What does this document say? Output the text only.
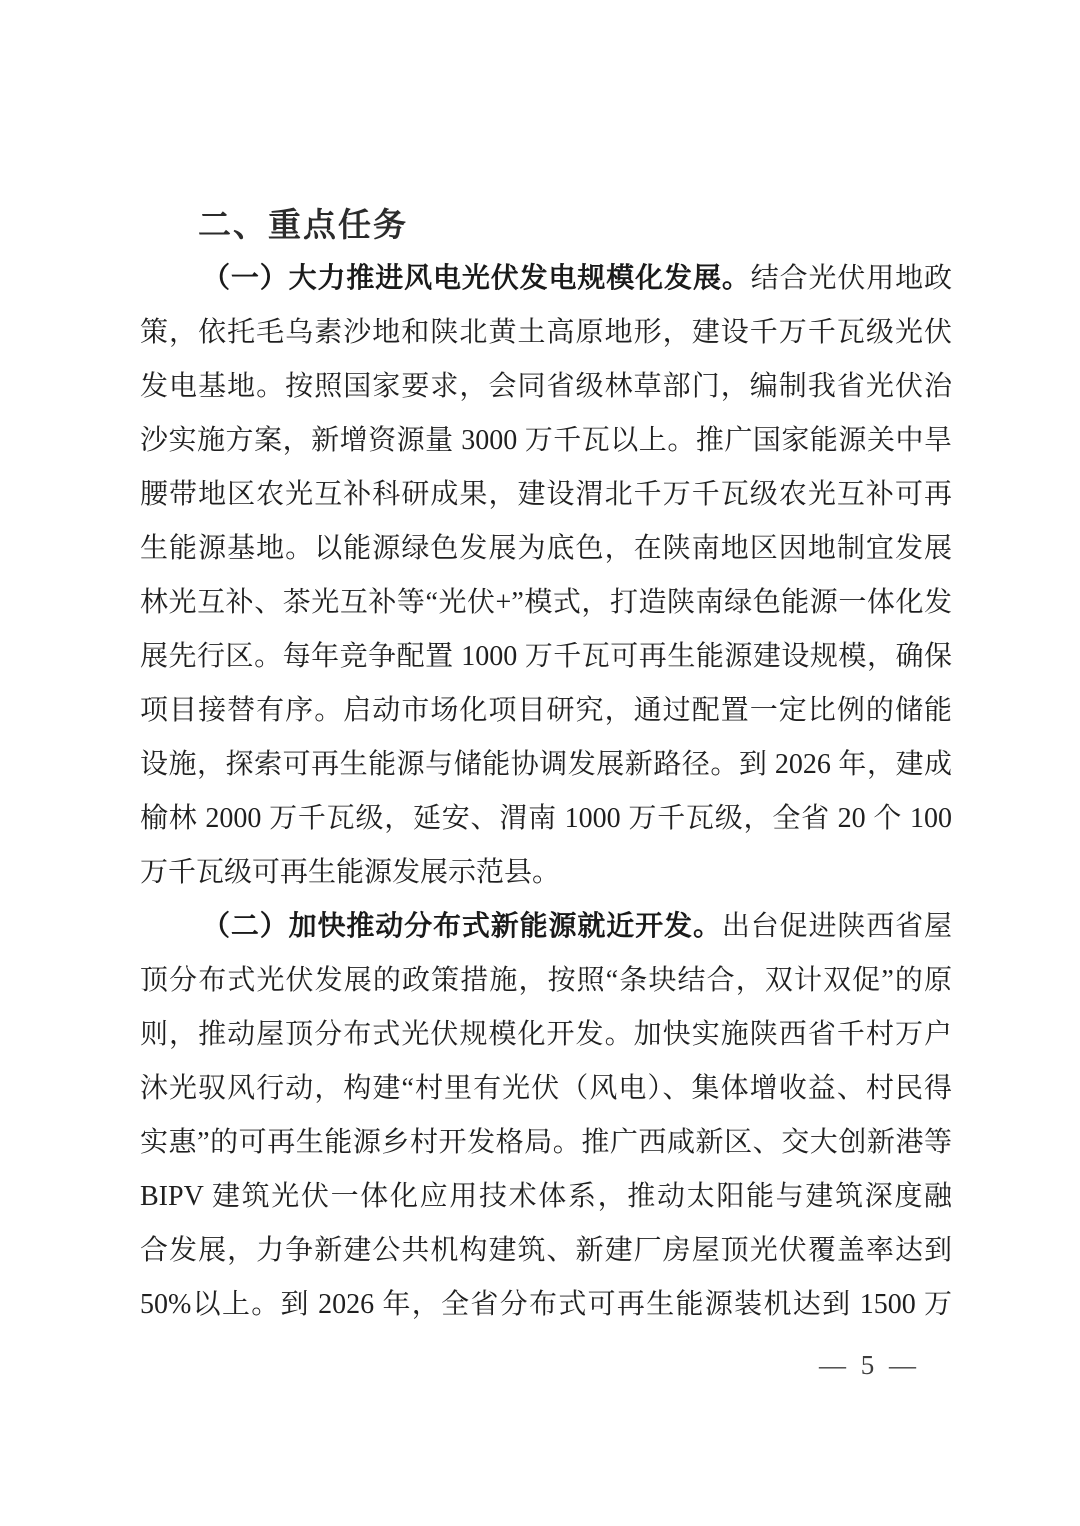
二、重点任务
（一）大力推进风电光伏发电规模化发展。结合光伏用地政
策，依托毛乌素沙地和陕北黄土高原地形，建设千万千瓦级光伏
发电基地。按照国家要求，会同省级林草部门，编制我省光伏治
沙实施方案，新增资源量 3000 万千瓦以上。推广国家能源关中旱
腰带地区农光互补科研成果，建设渭北千万千瓦级农光互补可再
生能源基地。以能源绿色发展为底色，在陕南地区因地制宜发展
林光互补、茶光互补等“光伏+”模式，打造陕南绿色能源一体化发
展先行区。每年竞争配置 1000 万千瓦可再生能源建设规模，确保
项目接替有序。启动市场化项目研究，通过配置一定比例的储能
设施，探索可再生能源与储能协调发展新路径。到 2026 年，建成
榆林 2000 万千瓦级，延安、渭南 1000 万千瓦级，全省 20 个 100
万千瓦级可再生能源发展示范县。
（二）加快推动分布式新能源就近开发。出台促进陕西省屋
顶分布式光伏发展的政策措施，按照“条块结合，双计双促”的原
则，推动屋顶分布式光伏规模化开发。加快实施陕西省千村万户
沐光驭风行动，构建“村里有光伏（风电）、集体增收益、村民得
实惠”的可再生能源乡村开发格局。推广西咸新区、交大创新港等
BIPV 建筑光伏一体化应用技术体系，推动太阳能与建筑深度融
合发展，力争新建公共机构建筑、新建厂房屋顶光伏覆盖率达到
50%以上。到 2026 年，全省分布式可再生能源装机达到 1500 万
— 5 —
